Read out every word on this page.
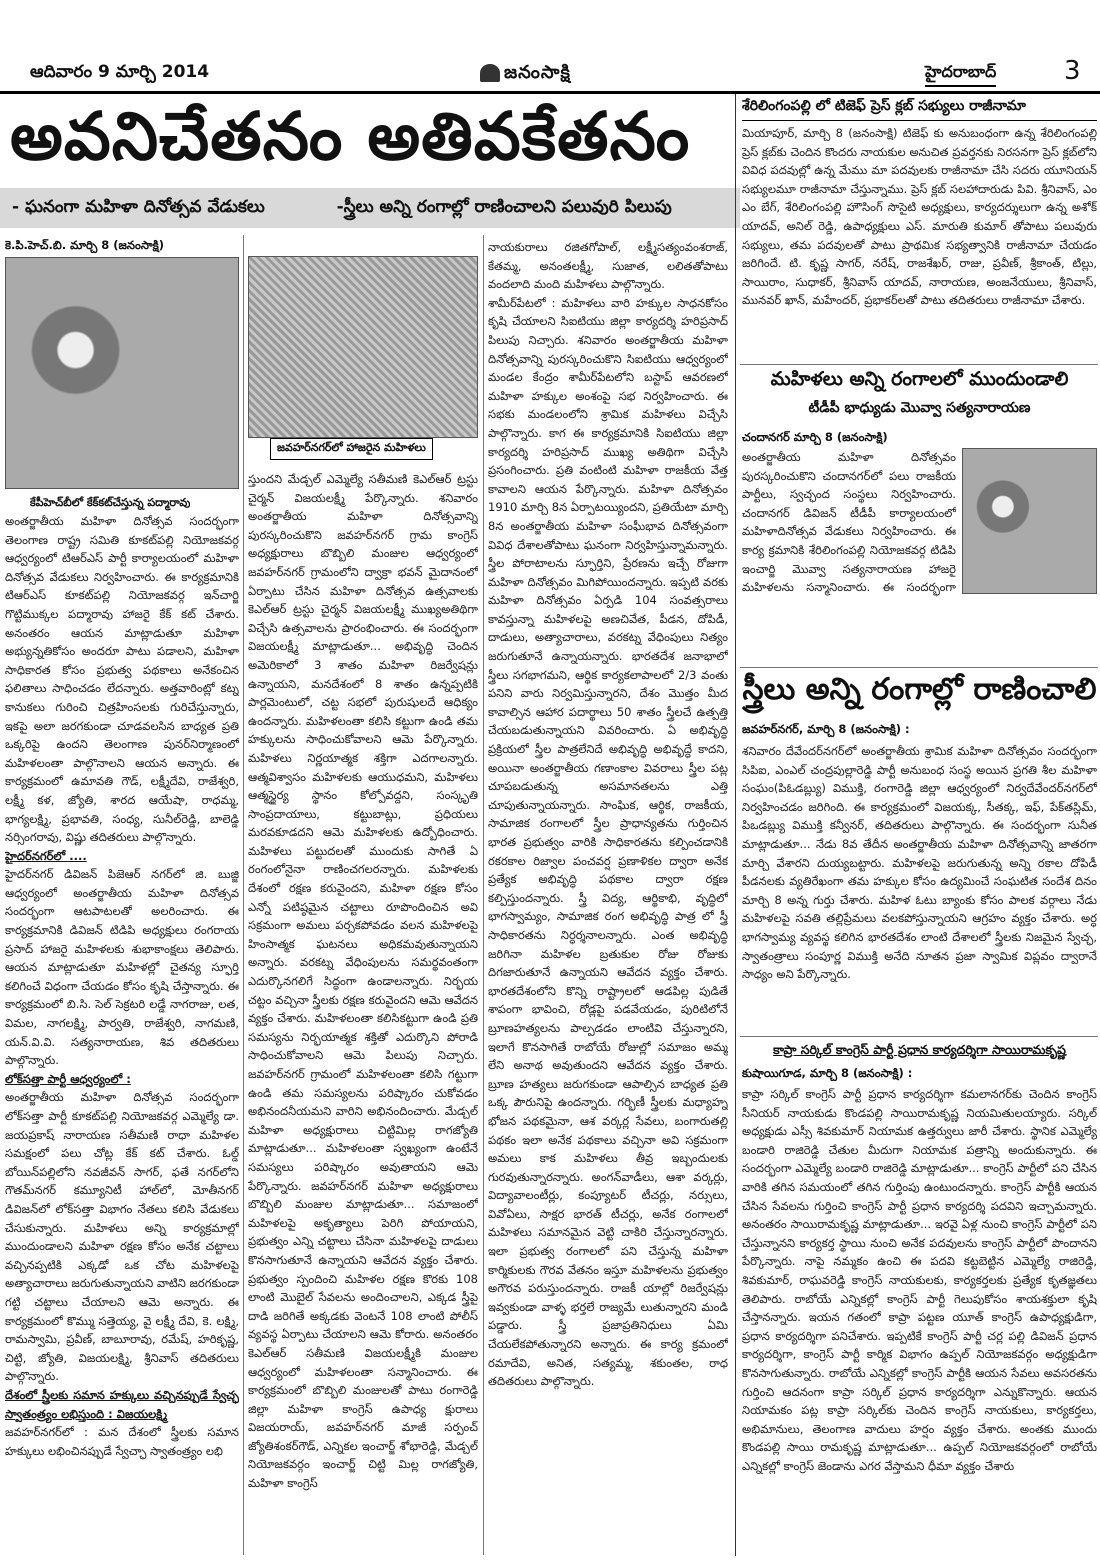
ఆదివారం 9 మార్చి 2014	జనంసాక్షి	హైదరాబాద్	3
అవనిచేతనం అతివకేతనం
- ఘనంగా మహిళా దినోత్సవ వేడుకలు	-స్త్రీలు అన్ని రంగాల్లో రాణించాలని పలువురి పిలుపు
కె.పి.హెచ్‌.బి. మార్చి 8 (జనంసాక్షి)
కేపీహెచ్‌బీలో కేక్‌కట్‌చేస్తున్న పద్మారావు
జవహర్‌నగర్‌లో హాజరైన మహిళలు

అంతర్జాతీయ మహిళా దినోత్సవ సందర్భంగా తెలంగాణ రాష్ట్ర సమితి కూకట్‌పల్లి నియోజకవర్గ ఆధ్వర్యంలో టిఆర్‌ఎస్‌ పార్టీ కార్యాలయంలో మహిళా దినోత్సవ వేడుకలు నిర్వహించారు. ఈ కార్యక్రమానికి టిఆర్‌ఎస్‌ కూకట్‌పల్లి నియోజకవర్గ ఇన్‌చార్జి గొట్టిముక్కల పద్మారావు హాజరై కేక్‌ కట్‌ చేశారు. అనంతరం ఆయన మాట్లాడుతూ మహిళా అభ్యున్నతికోసం అందరూ పాటు పడాలని, మహిళా సాధికారత కోసం ప్రభుత్వ పథకాలు అనేకంచిన ఫలితాలు సాధించడం లేదన్నారు. అత్తవారింట్లో కట్న కానుకలు గురించి చిత్రహింసలకు గురిచేస్తున్నారు, ఇకపై అలా జరగకుండా చూడవలసిన బాధ్యత ప్రతి ఒక్కరిపై ఉందని తెలంగాణ పునర్‌నిర్మాణంలో మహిళలంతా పాల్గొనాలని ఆయన అన్నారు. ఈ కార్యక్రమంలో ఉమావతి గౌడ్‌, లక్ష్మీదేవి, రాజేశ్వరి, లక్ష్మీ కళ, జ్యోతి, శారద ఆయేషా, రాధమ్మ, భాగ్యలక్ష్మి, ప్రభావతి, సంధ్య, సునీల్‌రెడ్డి, బాలెడ్డి నర్సింగరావు, విష్ణు తదితరులు పాల్గొన్నారు.

హైదర్‌నగర్‌లో ....

హైదర్‌నగర్‌ డివిజన్‌ పిజెఆర్‌ నగర్‌లో జి. బుజ్జి ఆధ్వర్యంలో అంతర్జాతీయ మహిళా దినోత్సవ సందర్భంగా ఆటపాటలతో అలరించారు. ఈ కార్యక్రమానికి డివిజన్‌ టిడిపి అధ్యక్షులు రంగరాయ ప్రసాద్‌ హాజరై మహిళలకు శుభాకాంక్షలు తెలిపారు. ఆయన మాట్లాడుతూ మహిళల్లో చైతన్య స్ఫూర్తి కలిగించే విధంగా చేయడం కోసం కృషి చేస్తాన్నారు. ఈ కార్యక్రమంలో బి.సి. సెల్‌ సెక్రటరి లడ్డే నాగరాజు, లత, విమల, నాగలక్ష్మి, పార్వతి, రాజేశ్వరి, నాగమణి, యన్‌.వి.వి. సత్యనారాయణ, శివ తదితరులు పాల్గొన్నారు.

లోక్‌సత్తా పార్టీ ఆధ్వర్యంలో :

అంతర్జాతీయ మహిళా దినోత్సవ సందర్భంగా లోక్‌సత్తా పార్టీ కూకట్‌పల్లి నియోజకవర్గ ఎమ్మెల్యే డా. జయప్రకాష్‌ నారాయణ సతీమణి రాధా మహిళల సమక్షంలో పలు చోట్ల కేక్‌ కట్‌ చేశారు. ఓల్డ్‌ బోయిన్‌పల్లిలోని నవజీవన్‌ సాగర్‌, ఫతే నగర్‌లోని గౌతమ్‌నగర్‌ కమ్యూనిటీ హాల్‌లో, మోతీనగర్‌ డివిజన్‌లో లోక్‌సత్తా విభాగం నేతలు కలిసి వేడుకలు చేసుకున్నారు. మహిళలు అన్ని కార్యక్రమాల్లో ముందుండాలని మహిళా రక్షణ కోసం అనేక చట్టాలు వచ్చినప్పటికి ఎక్కడో ఒక చోట మహిళలపై అత్యాచారాలు జరుగుతున్నాయని వాటిని జరగకుండా గట్టి చట్టాలు చేయాలని ఆమె అన్నారు. ఈ కార్యక్రమంలో కొమ్ము సత్తెయ్య, వై లక్ష్మీ దేవి, కె. లక్ష్మి, రామస్వామి, ప్రవీణ్‌, బాబూరావు, రమేష్‌, హరికృష్ణ, చిట్టి, జ్యోతి, విజయలక్ష్మి, శ్రీనివాస్‌ తదితరులు పాల్గొన్నారు.

దేశంలో స్త్రీలకు సమాన హక్కులు వచ్చినప్పుడే స్వేచ్ఛ స్వాతంత్ర్యం లభిస్తుంది : విజయలక్ష్మి

జవహర్‌నగర్‌లో : మన దేశంలో స్త్రీలకు సమాన హక్కులు లభించినప్పుడే స్వేచ్ఛా స్వాతంత్ర్యం లభి

స్తుందని మేడ్చల్‌ ఎమ్మెల్యే సతీమణి కెఎల్‌ఆర్‌ ట్రస్టు చైర్మన్‌ విజయలక్ష్మీ పేర్కొన్నారు. శనివారం అంతర్జాతీయ మహిళా దినోత్సవాన్ని పురస్కరించుకొని జవహర్‌నగర్‌ గ్రామ కాంగ్రెస్‌ అధ్యక్షురాలు బొబ్బిలి మంజుల ఆధ్వర్యంలో జవహర్‌నగర్‌ గ్రామంలోని ద్వాక్రా భవన్‌ మైదానంలో ఏర్పాటు చేసిన మహిళా దినోత్సవ ఉత్సవాలకు కెఎల్‌ఆర్‌ ట్రస్టు చైర్మన్‌ విజయలక్ష్మీ ముఖ్యఅతిథిగా విచ్చేసి ఉత్సవాలను ప్రారంభించారు. ఈ సందర్భంగా విజయలక్ష్మీ మాట్లాడుతూ... అభివృద్ధి చెందిన అమెరికాలో 3 శాతం మహిళా రిజర్వేషన్లు ఉన్నాయని, మనదేశంలో 8 శాతం ఉన్నప్పటికి పార్లమెంటులో, చట్ట సభలో పురుషులదే ఆధిక్యం ఉందన్నారు. మహిళలంతా కలిసి కట్టుగా ఉండి తమ హక్కులను సాధించుకోవాలని ఆమె పేర్కొన్నారు. మహిళలు నిర్ణయాత్మక శక్తిగా ఎదగాలన్నారు. ఆత్మవిశ్వాసం మహిళలకు ఆయుధమని, మహిళలు ఆత్మస్థైర్య స్థానం కోల్పోవద్దని, సంస్కృతి సాంప్రదాయాలు, కట్టుబాట్లు, ప్రధియలు మరవకూడదని ఆమె మహిళలకు ఉద్బోధించారు. మహిళలు పట్టుదలతో ముందుకు సాగితే ఏ రంగంలోనైనా రాణించగలరన్నారు. మహిళలకు దేశంలో రక్షణ కరువైందని, మహిళా రక్షణ కోసం ఎన్నో పటిష్ఠమైన చట్టాలు రూపొందించిన అవి సక్రమంగా అమలు పర్చకపోవడం వలన మహిళలపై హింసాత్మక ఘటనలు అధికమవుతున్నాయని అన్నారు. వరకట్న వేధింపులను సమర్థవంతంగా ఎదుర్కొనగలిగే సిద్ధంగా ఉండాలన్నారు. నిర్భయ చట్టం వచ్చినా స్త్రీలకు రక్షణ కరువైందని ఆమె ఆవేదన వ్యక్తం చేశారు. మహిళలంతా కలిసికట్టుగా ఉండి ప్రతి సమస్యను నిర్భయాత్మక శక్తితో ఎదుర్కొని పోరాడి సాధించుకోవాలని ఆమె పిలుపు నిచ్చారు. జవహర్‌నగర్‌ గ్రామంలో మహిళలంతా కలిసి గట్టుగా ఉండి తమ సమస్యలను పరిష్కారం చుకోవడం అభినందనీయమని వారిని అభినందించారు. మేడ్చల్‌ మహిళా అధ్యక్షురాలు చిట్టిమిల్ల రాగజ్యోతి మాట్లాడుతూ... మహిళలంతా స్వఖ్యంగా ఉంటేనే సమస్యలు పరిష్కారం అవుతాయని ఆమె పేర్కొన్నారు. జవహర్‌నగర్‌ మహిళా అధ్యక్షురాలు బొబ్బిలి మంజుల మాట్లాడుతూ... సమాజంలో మహిళలపై అకృత్యాలు పెరిగి పోయాయని, ప్రభుత్వం ఎన్ని చట్టాలు చేసినా మహిళలపై దాడులు కొనసాగుతూనే ఉన్నాయని ఆవేదన వ్యక్తం చేశారు. ప్రభుత్వం స్పందించి మహిళల రక్షణ కొరకు 108 లాంటి మొబైల్‌ సేవలను అందించాలని, ఎక్కడ స్త్రీపై దాడి జరిగితే అక్కడకు వెంటనే 108 లాంటి పోలీస్‌ వ్యవస్థ ఏర్పాటు చేయాలని ఆమె కోరారు. అనంతరం కెఎల్‌ఆర్‌ సతీమణి విజయలక్ష్మీకి మంజుల ఆధ్వర్యంలో మహిళలంతా సన్మానించారు. ఈ కార్యక్రమంలో బొబ్బిలి మంజులతో పాటు రంగారెడ్డి జిల్లా మహిళా కాంగ్రెస్‌ ఉపాధ్య క్షురాలు విజయరాయ్‌, జవహర్‌నగర్‌ మాజీ సర్పంచ్‌ జ్యోతిశంకర్‌గౌడ్‌, ఎన్నికల ఇంచార్జ్‌ శోభారెడ్డి, మేడ్చల్‌ నియోజకవర్గం ఇంచార్జ్‌ చిట్టి మిల్ల రాగజ్యోతి, మహిళా కాంగ్రెస్‌

నాయకురాలు రజితగోపాల్‌, లక్ష్మీసత్యంవంశరాజ్‌, కేతమ్మ, అనంతలక్ష్మీ, సుజాత, లలితతోపాటు వందలాది మంది మహిళలు పాల్గొన్నారు.

శామీర్‌పేటలో : మహిళలు వారి హక్కుల సాధనకోసం కృషి చేయాలని సిఐటియు జిల్లా కార్యదర్శి హరిప్రసాద్‌ పిలుపు నిచ్చారు. శనివారం అంతర్జాతీయ మహిళా దినోత్సవాన్ని పురస్కరించుకొని సిఐటియు ఆధ్వర్యంలో మండల కేంద్రం శామీర్‌పేటలోని బస్టాప్‌ ఆవరణలో మహిళా హక్కుల అంశంపై సభ నిర్వహించారు. ఈ సభకు మండలంలోని శ్రామిక మహిళలు విచ్చేసి పాల్గొన్నారు. కాగ ఈ కార్యక్రమానికి సిఐటియు జిల్లా కార్యదర్శి హరిప్రసాద్‌ ముఖ్య అతిథిగా విచ్చేసి ప్రసంగించారు. ప్రతి వంటింటి మహిళా రాజకీయ వేత్త కావాలని ఆయన పేర్కొన్నారు. మహిళా దినోత్సవం 1910 మార్చి 8న ఏర్పాటయ్యిందని, ప్రతియేటా మార్చి 8న అంతర్జాతీయ మహిళా సంఘీభావ దినోత్సవంగా వివిధ దేశాలతోపాటు ఘనంగా నిర్వహిస్తున్నామన్నారు. స్త్రీల పోరాటాలను స్ఫూర్తిని, ప్రేరణను ఇచ్చే రోజుగా మహిళా దినోత్సవం మిగిపోయిందన్నారు. ఇప్పటి వరకు మహిళా దినోత్సవం ఏర్పడి 104 సంవత్సరాలు కావస్తున్నా మహిళలపై అణచివేత, పీడన, దోపిడీ, దాడులు, అత్యాచారాలు, వరకట్న వేధింపులు నిత్యం జరుగుతూనే ఉన్నాయన్నారు. భారతదేశ జనాభాలో స్త్రీలు సగభాగమని, ఆర్థిక కార్యకలాపాలలో 2/3 వంతు పనిని వారు నిర్వమిస్తున్నారని, దేశం మొత్తం మీద కావాల్సిన ఆహార పదార్థాలు 50 శాతం స్త్రీలచే ఉత్పత్తి చేయబడుతున్నాయని వివరించారు. ఏ అభివృద్ధి ప్రక్రియలో స్త్రీల పాత్రలేనిదే అభివృద్ధి అభివృద్ధే కాదని, అయినా అంతర్జాతీయ గణాంకాల వివరాలు స్త్రీల పట్ల చూపబడుతున్న అసమానతలను ఎత్తి చూపుతున్నాయన్నారు. సాంఘిక, ఆర్థిక, రాజకీయ, సామాజిక రంగాలలో స్త్రీల ప్రాధాన్యతను గుర్తించిన భారత ప్రభుత్వం వారికి సాధికారతను కల్పించడానికి రకరకాల రిజ్వాల పంచవర్ష ప్రణాళికల ద్వారా అనేక ప్రత్యేక అభివృద్ధి పథకాల ద్వారా రక్షణ కల్పిస్తుందన్నారు. స్త్రీ విద్య, ఆర్థికాభి, వృద్ధిలో భాగస్వామ్యం, సామాజిక రంగ అభివృద్ధి పాత్ర లో స్త్రీ సాధికారతను నిర్ధర్శనాలన్నారు. ఎంత అభివృద్ధి జరిగినా మహిళల బ్రతుకుల రోజు రోజుకు దిగజారుతూనే ఉన్నాయని ఆవేదన వ్యక్తం చేశారు. భారతదేశంలోని కొన్ని రాష్ట్రాలలో ఆడపిల్ల పుడితే శాపంగా భావించి, రోడ్లపై పడవేయడం, పురిటిలోనే బ్రూణహత్యలను పాల్పడడం లాంటివి చేస్తున్నారని, ఇలాగే కొనసాగితే రాబోయే రోజుల్లో సమాజం అమ్మ లేని అనాథ అవుతుందని ఆవేదన వ్యక్తం చేశారు. బ్రూణ హత్యలు జరుగకుండా ఆపాల్సిన బాధ్యత ప్రతి ఒక్క పౌరునిపై ఉందన్నారు. గర్భిణీ స్త్రీలకు మధ్యాహ్న భోజన పథకమైనా, ఆశ వర్కర్ల సేవలు, బంగారుతల్లి పథకం ఇలా అనేక పథకాలు వచ్చినా అవి సక్రమంగా అమలు కాక మహిళలు తీవ్ర ఇబ్బందులకు గురవుతున్నారన్నారు. అంగన్‌వాడీలు, ఆశా వర్కర్లు, విద్యావాలంటీర్లు, కంప్యూటర్‌ టీచర్లు, నర్సులు, వివోఏలు, సాక్షర భారత్‌ టీచర్లు, అనేక రంగాలలో మహిళలు సమానమైన వెట్టి చాకిరి చేస్తున్నారన్నారు. ఇలా ప్రభుత్వ రంగాలలో పని చేస్తున్న మహిళా కార్మికులకు గౌరవ వేతనం ఇస్తూ మహిళలను ప్రభుత్వం అగౌరవ పరుస్తుందన్నారు. రాజకీ యాల్లో రిజర్వేషన్లు ఇవ్వకుండా వాళ్ళ భర్తలే రాజ్యమే లుతున్నారని మండి పడ్డారు. స్త్రీ ప్రజాప్రతినిధులు ఏమి చేయలేకపోతున్నారని అన్నారు. ఈ కార్య క్రమంలో రమాదేవి, అనిత, సత్యమ్మ, శకుంతల, రాధ తదితరులు పాల్గొన్నారు.

శేరిలింగంపల్లి లో టిజెఫ్‌ ప్రెస్‌ క్లబ్‌ సభ్యులు రాజీనామా

మియాపూర్‌, మార్చి 8 (జనంసాక్షి) టిజెఫ్‌ కు అనుబంధంగా ఉన్న శేరిలింగంపల్లి ప్రెస్‌ క్లబ్‌కు చెందిన కొందరు నాయకుల అనుచిత ప్రవర్తనకు నిరసనగా ప్రెస్‌ క్లబ్‌లోని వివిధ పదవుల్లో ఉన్న మేము మా పదవులకు రాజీనామా చేసి సదరు యూనియన్‌ సభ్యులమూ రాజీనామా చేస్తున్నాము. ప్రెస్‌ క్లబ్‌ సలహాదారుడు పివి. శ్రీనివాస్‌, ఎం ఎం బేగ్‌, శేరిలింగంపల్లి హౌసింగ్‌ సొసైటి అధ్యక్షులు, కార్యదర్శులుగా ఉన్న అశోక్‌ యాదవ్‌, అనిల్‌ రెడ్డి, ఉపాధ్యక్షులు ఎస్‌. మారుతి కుమార్‌ తోపాటు పలువురు సభ్యులు, తమ పదవులతో పాటు ప్రాథమిక సభ్యత్వానికి రాజీనామా చేయడం జరిగిందే. టి. కృష్ణ సాగర్‌, నరేష్‌, రాజశేఖర్‌, రాజు, ప్రవీణ్‌, శ్రీకాంత్‌, టిల్లు, సాయిరాం, సుధాకర్‌, శ్రీనివాస్‌ యాదవ్‌, నారాయణ, అంజనేయులు, శ్రీనివాస్‌, మునవర్‌ ఖాన్‌, మహేందర్‌, ప్రభాకర్‌లతో పాటు తదితరులు రాజీనామా చేశారు.

మహిళలు అన్ని రంగాలలో ముందుండాలి
టీడీపీ భాధ్యుడు మొవ్వా సత్యనారాయణ
చందానగర్‌ మార్చి 8 (జనంసాక్షి)

అంతర్జాతీయ మహిళా దినోత్సవం పురస్కరించుకొని చందానగర్‌లో పలు రాజకీయ పార్టీలు, స్వచ్ఛంద సంస్థలు నిర్వహించారు. చందానగర్‌ డివిజన్‌ టీడీపీ కార్యాలయంలో మహిళాదినోత్సవ వేడుకలు నిర్వహించారు. ఈ కార్య క్రమానికి శేరిలింగంపల్లి నియోజకవర్గ టిడిపి ఇంచార్జి మొవ్వా సత్యనారాయణ హాజరై మహిళలను సన్మానించారు. ఈ సందర్భంగా

స్త్రీలు అన్ని రంగాల్లో రాణించాలి
జవహర్‌నగర్‌, మార్చి 8 (జనంసాక్షి) :

శనివారం దేవేందర్‌నగర్‌లో అంతర్జాతీయ శ్రామిక మహిళా దినోత్సవం సందర్భంగా సిపిఐ, ఎంఎల్‌ చంద్రపుల్లారెడ్డి పార్టీ అనుబంధ సంస్థ అయిన ప్రగతి శీల మహిళా సంఘం(పిఓడబ్ల్యు) విముక్తి, రంగారెడ్డి జిల్లా ఆధ్వర్యంలో నిర్వదేవేందర్‌నగర్‌లో నిర్వహించడం జరిగింది. ఈ కార్యక్రమంలో విజయక్క, సీతక్క, ఇఫ్‌, పేక్‌తస్లిమ్‌, పిఒడబ్ల్యు విముక్తి కన్వీనర్‌, తదితరులు పాల్గొన్నారు. ఈ సందర్భంగా సునీత మాట్లాడుతూ... నేడు 8వ తేదీన అంతర్జాతీయ మహిళా దినోత్సవాన్ని జాతరగా మార్చి వేశారని దుయ్యబట్టారు. మహిళలపై జరుగుతున్న అన్ని రకాల దోపిడీ పీడనలకు వ్యతిరేఖంగా తమ హక్కుల కోసం ఉద్యమించే సంఘటిత సందేశ దినం మార్చి 8 అన్న గుర్తు చేశారు. మహిళ ఓటు బ్యాంకు కోసం పాలక వర్గాలు నేడు మహిళలపై సవతి తల్లిప్రేమలు వలకపోస్తున్నాయని ఆగ్రహం వ్యక్తం చేశారు. అర్ధ భాగస్వామ్య వ్యవస్థ కలిగిన భారతదేశం లాంటి దేశాలలో స్త్రీలకు నిజమైన స్వేచ్ఛ, స్వాతంత్రాలు సంపూర్ణ విముక్తి అనేది నూతన ప్రజా స్వామిక విప్లవం ద్వారానే సాధ్యం అని పేర్కొన్నారు.

కాప్రా సర్కిల్‌ కాంగ్రెస్‌ పార్టీ ప్రధాన కార్యదర్శిగా సాయిరామకృష్ణ
కుషాయిగూడ, మార్చి 8 (జనంసాక్షి) :

కాప్రా సర్కిల్‌ కాంగ్రెస్‌ పార్టీ ప్రధాన కార్యదర్శిగా కమలానగర్‌కు చెందిన కాంగ్రెస్‌ సీనియర్‌ నాయకుడు కొండపల్లి సాయిరామకృష్ణ నియమితులయ్యారు. సర్కిల్‌ అధ్యక్షుడు ఎస్సీ శివకుమార్‌ నియామక ఉత్తర్వులు జారీ చేశారు. స్థానిక ఎమ్మెల్యే బండారి రాజిరెడ్డి చేతుల మీదుగా నియామక పత్రాన్ని అందుకున్నారు. ఈ సందర్భంగా ఎమ్మెల్యే బండారి రాజిరెడ్డి మాట్లాడుతూ... కాంగ్రెస్‌ పార్టీలో పని చేసిన వారికి తగిన సమయంలో తగిన గుర్తింపు ఉంటుందన్నారు. కాంగ్రెస్‌ పార్టీకి ఆయన చేసిన సేవలను గుర్తించి కాంగ్రెస్‌ పార్టీ ప్రధాన కార్యదర్శి పదవిని ఇచ్చామన్నారు. అనంతరం సాయిరామకృష్ణ మాట్లాడుతూ... ఇరవై ఏళ్ల నుంచి కాంగ్రెస్‌ పార్టీలో పని చేస్తున్నానని కార్యకర్త స్థాయి నుంచి అనేక పదవులను కాంగ్రెస్‌ పార్టీలో పొందానని పేర్కొన్నారు. నాపై నమ్మకం ఉంచి ఈ పదవి కట్టబెట్టిన ఎమ్మెల్యే రాజిరెడ్డి, శివకుమార్‌, రాఘవరెడ్డి కాంగ్రెస్‌ నాయకులకు, కార్యకర్తలకు ప్రత్యేక కృతజ్ఞతలు తెలిపారు. రాబోయే ఎన్నికల్లో కాంగ్రెస్‌ పార్టీ గెలుపుకోసం శాయశక్తులా కృషి చేస్తానన్నారు. ఇయన గతంలో కాప్రా పట్టణ యూత్‌ కాంగ్రెస్‌ ఉపాధ్యక్షుడిగా, ప్రధాన కార్యదర్శిగా పనిచేశారు. ఇప్పటికే కాంగ్రెస్‌ పార్టీ చర్ల పల్లి డివిజన్‌ ప్రధాన కార్యదర్శిగా, కాంగ్రెస్‌ పార్టీ కార్మిక విభాగం ఉప్పల్‌ నియోజకవర్గం అధ్యక్షుడిగా కొనసాగుతున్నారు. రాబోయే ఎన్నికల్లో కాంగ్రెస్‌ పార్టీకి ఆయన సేవలు అవసరతను గుర్తించి ఆదనంగా కాప్రా సర్కిల్‌ ప్రధాన కార్యదర్శిగా ఎన్నుకొన్నారు. ఆయన నియామకం పట్ల కాప్రా సర్కిల్‌కు చెందిన కాంగ్రెస్‌ నాయకులు, కార్యకర్తలు, అభిమానులు, తెలంగాణ వాదులు హర్షం వ్యక్తం చేశారు. అంతకు ముందు కొండపల్లి సాయి రామకృష్ణ మాట్లాడుతూ... ఉప్పల్‌ నియోజకవర్గంలో రాబోయే ఎన్నికల్లో కాంగ్రెస్‌ జెండాను ఎగర వేస్తామని ధీమా వ్యక్తం చేశారు
